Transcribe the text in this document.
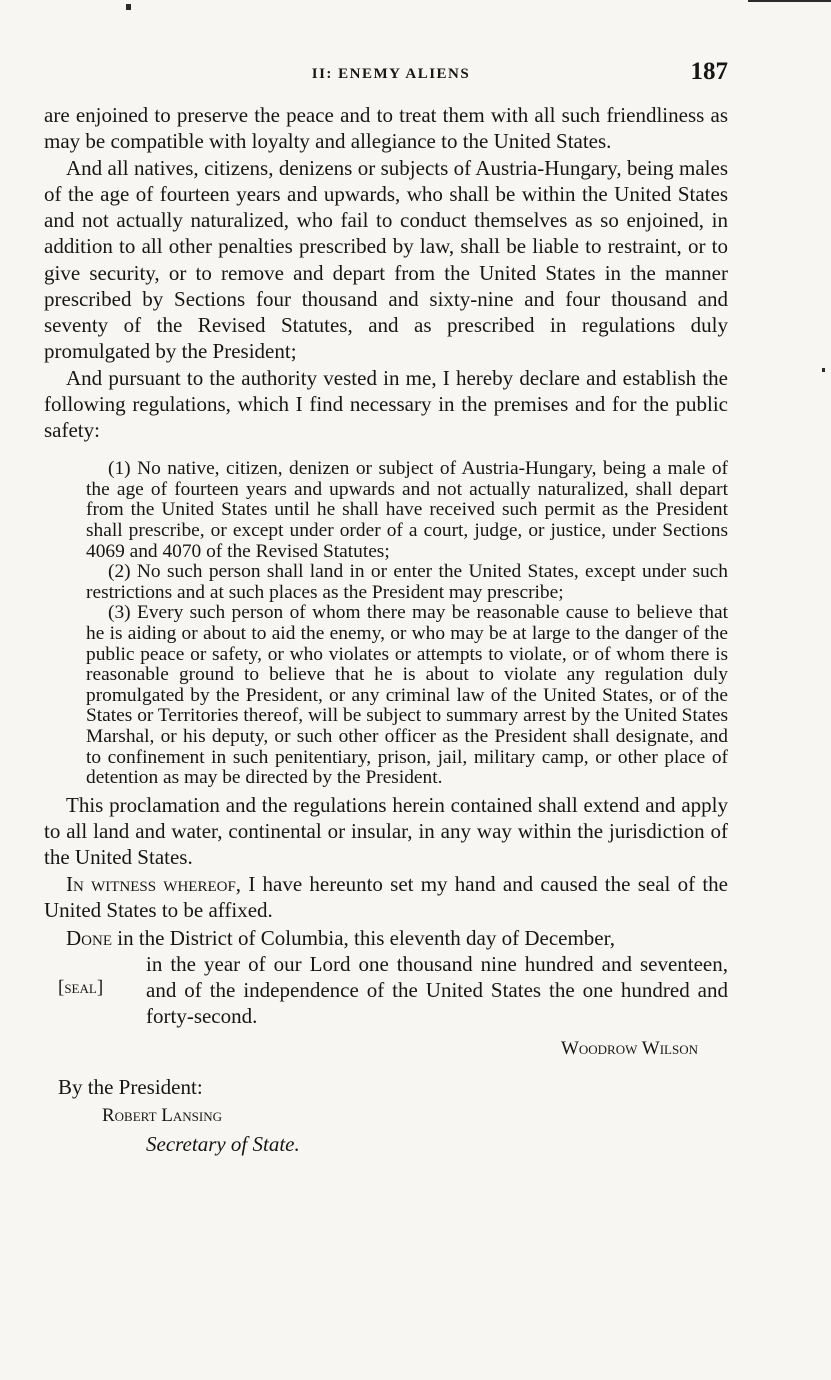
II: ENEMY ALIENS	187

are enjoined to preserve the peace and to treat them with all such friendliness as may be compatible with loyalty and allegiance to the United States.

And all natives, citizens, denizens or subjects of Austria-Hungary, being males of the age of fourteen years and upwards, who shall be within the United States and not actually naturalized, who fail to conduct themselves as so enjoined, in addition to all other penalties prescribed by law, shall be liable to restraint, or to give security, or to remove and depart from the United States in the manner prescribed by Sections four thousand and sixty-nine and four thousand and seventy of the Revised Statutes, and as prescribed in regulations duly promulgated by the President;

And pursuant to the authority vested in me, I hereby declare and establish the following regulations, which I find necessary in the premises and for the public safety:

(1) No native, citizen, denizen or subject of Austria-Hungary, being a male of the age of fourteen years and upwards and not actually naturalized, shall depart from the United States until he shall have received such permit as the President shall prescribe, or except under order of a court, judge, or justice, under Sections 4069 and 4070 of the Revised Statutes;

(2) No such person shall land in or enter the United States, except under such restrictions and at such places as the President may prescribe;

(3) Every such person of whom there may be reasonable cause to believe that he is aiding or about to aid the enemy, or who may be at large to the danger of the public peace or safety, or who violates or attempts to violate, or of whom there is reasonable ground to believe that he is about to violate any regulation duly promulgated by the President, or any criminal law of the United States, or of the States or Territories thereof, will be subject to summary arrest by the United States Marshal, or his deputy, or such other officer as the President shall designate, and to confinement in such penitentiary, prison, jail, military camp, or other place of detention as may be directed by the President.

This proclamation and the regulations herein contained shall extend and apply to all land and water, continental or insular, in any way within the jurisdiction of the United States.

In witness whereof, I have hereunto set my hand and caused the seal of the United States to be affixed.

Done in the District of Columbia, this eleventh day of December,

in the year of our Lord one thousand nine hundred and seventeen, and of the independence of the United States the one hundred and forty-second.

[seal]

Woodrow Wilson

By the President:

Robert Lansing

Secretary of State.
